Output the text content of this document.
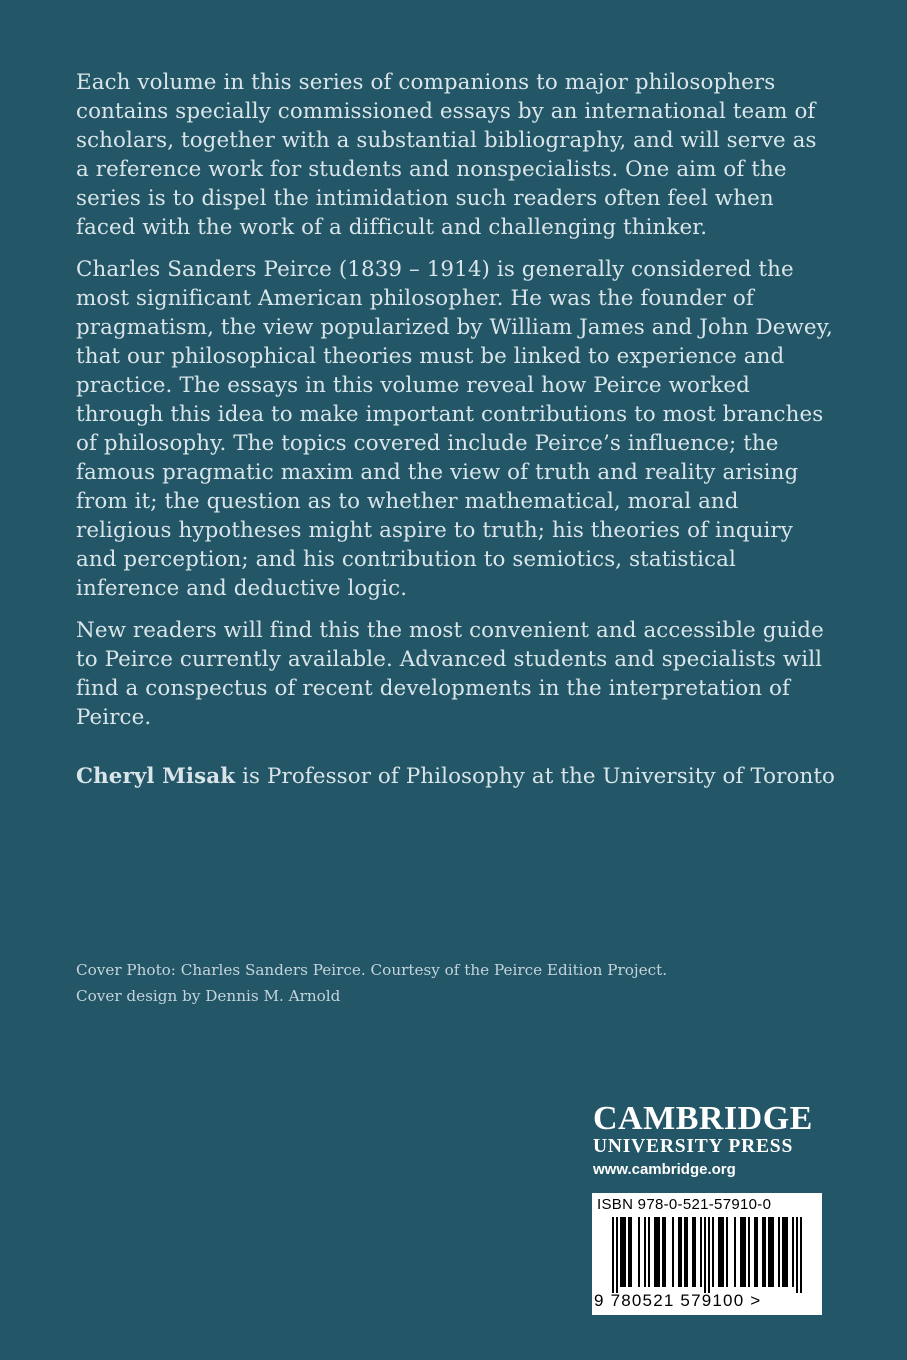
Each volume in this series of companions to major philosophers contains specially commissioned essays by an international team of scholars, together with a substantial bibliography, and will serve as a reference work for students and nonspecialists. One aim of the series is to dispel the intimidation such readers often feel when faced with the work of a difficult and challenging thinker.

Charles Sanders Peirce (1839 – 1914) is generally considered the most significant American philosopher. He was the founder of pragmatism, the view popularized by William James and John Dewey, that our philosophical theories must be linked to experience and practice. The essays in this volume reveal how Peirce worked through this idea to make important contributions to most branches of philosophy. The topics covered include Peirce’s influence; the famous pragmatic maxim and the view of truth and reality arising from it; the question as to whether mathematical, moral and religious hypotheses might aspire to truth; his theories of inquiry and perception; and his contribution to semiotics, statistical inference and deductive logic.

New readers will find this the most convenient and accessible guide to Peirce currently available. Advanced students and specialists will find a conspectus of recent developments in the interpretation of Peirce.

Cheryl Misak is Professor of Philosophy at the University of Toronto

Cover Photo: Charles Sanders Peirce. Courtesy of the Peirce Edition Project.
Cover design by Dennis M. Arnold
CAMBRIDGE
UNIVERSITY PRESS
www.cambridge.org
ISBN 978-0-521-57910-0
9 780521 579100 >
